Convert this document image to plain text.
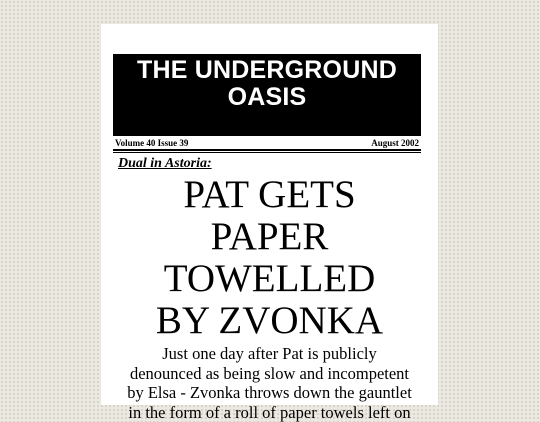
THE UNDERGROUND
OASIS
Volume 40 Issue 39	August 2002
Dual in Astoria:
PAT GETS
PAPER
TOWELLED
BY ZVONKA
Just one day after Pat is publicly
denounced as being slow and incompetent
by Elsa - Zvonka throws down the gauntlet
in the form of a roll of paper towels left on
